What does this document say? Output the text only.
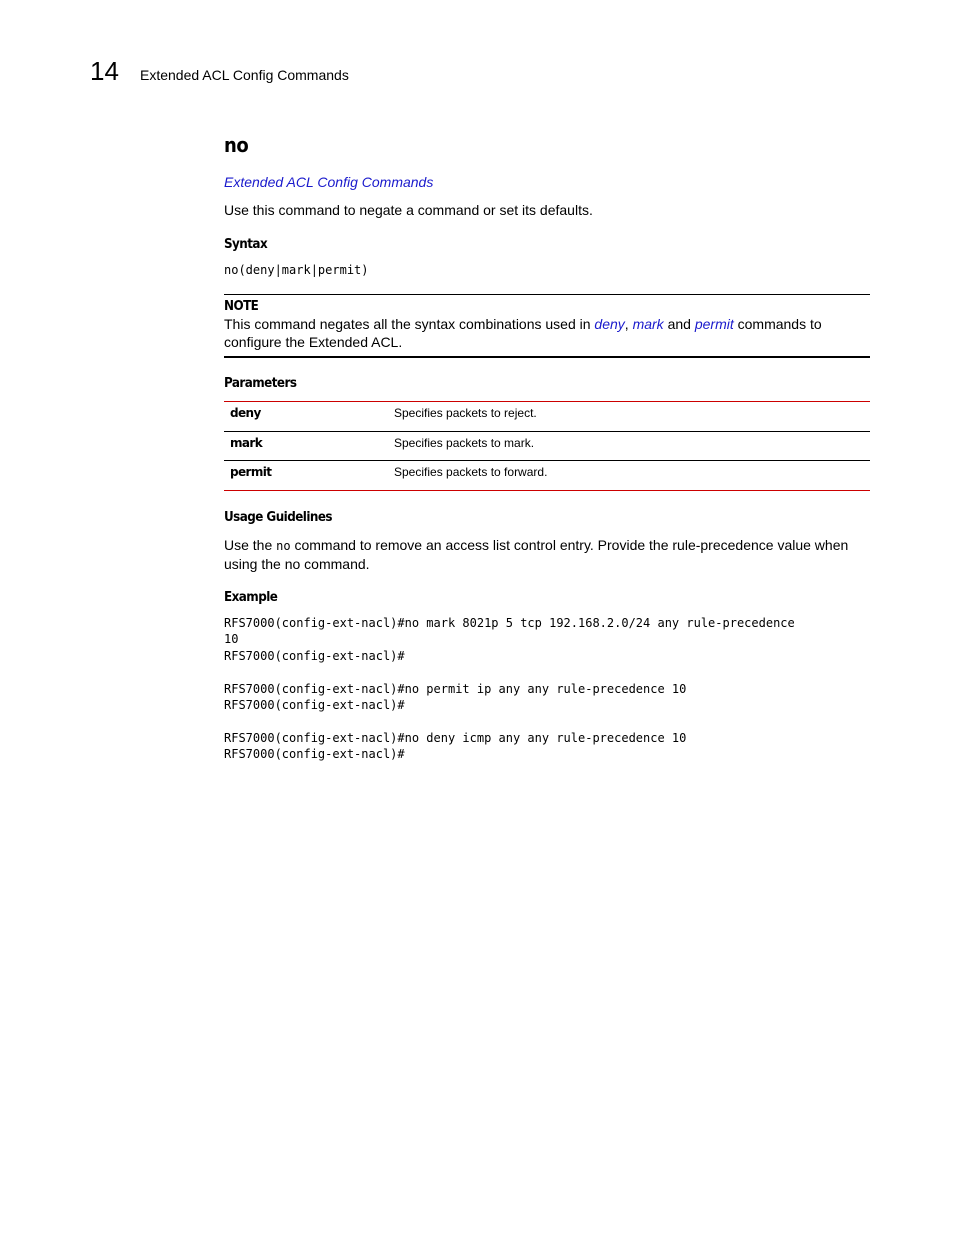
14 Extended ACL Config Commands
no
Extended ACL Config Commands
Use this command to negate a command or set its defaults.
Syntax
no(deny|mark|permit)
NOTE
This command negates all the syntax combinations used in deny, mark and permit commands to configure the Extended ACL.
Parameters
deny	Specifies packets to reject.
mark	Specifies packets to mark.
permit	Specifies packets to forward.
Usage Guidelines
Use the no command to remove an access list control entry. Provide the rule-precedence value when using the no command.
Example
RFS7000(config-ext-nacl)#no mark 8021p 5 tcp 192.168.2.0/24 any rule-precedence
10
RFS7000(config-ext-nacl)#

RFS7000(config-ext-nacl)#no permit ip any any rule-precedence 10
RFS7000(config-ext-nacl)#

RFS7000(config-ext-nacl)#no deny icmp any any rule-precedence 10
RFS7000(config-ext-nacl)#
